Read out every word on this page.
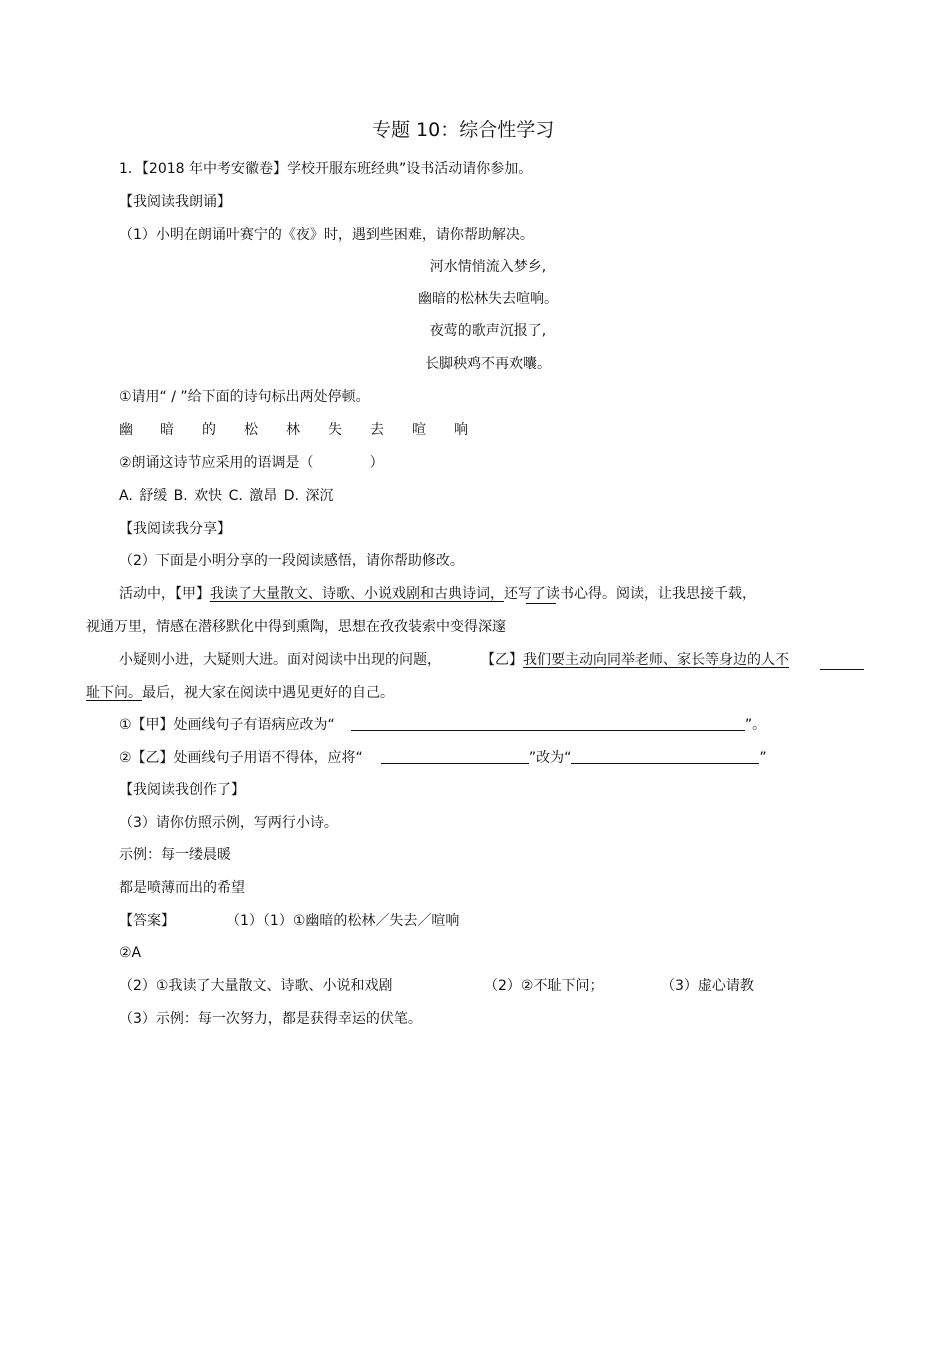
专题 10：综合性学习
1．【2018 年中考安徽卷】学校开服东班经典”设书活动请你参加。
【我阅读我朗诵】
（1）小明在朗诵叶赛宁的《夜》时，遇到些困难，请你帮助解决。
河水情悄流入梦乡,
幽暗的松林失去喧响。
夜莺的歌声沉报了,
长脚秧鸡不再欢囔。
①请用“ / ”给下面的诗句标出两处停顿。
幽 暗 的 松 林 失 去 喧 响
②朗诵这诗节应采用的语调是（	）
A. 舒缓 B. 欢快 C. 激昂 D. 深沉
【我阅读我分享】
（2）下面是小明分享的一段阅读感悟，请你帮助修改。
活动中，【甲】我读了大量散文、诗歌、小说戏剧和古典诗词，还写了读书心得。阅读，让我思接千载，
视通万里，情感在潜移默化中得到熏陶，思想在孜孜装索中变得深邃
小疑则小进，大疑则大进。面对阅读中出现的问题，	【乙】我们要主动向同举老师、家长等身边的人不
耻下问。最后，视大家在阅读中遇见更好的自己。
①【甲】处画线句子有语病应改为“	”。
②【乙】处画线句子用语不得体，应将“	”改为“	”
【我阅读我创作了】
（3）请你仿照示例，写两行小诗。
示例：每一缕晨暖
都是喷薄而出的希望
【答案】	（1）（1）①幽暗的松林／失去／喧响
②A
（2）①我读了大量散文、诗歌、小说和戏剧	（2）②不耻下问；	（3）虚心请教
（3）示例：每一次努力，都是获得幸运的伏笔。
